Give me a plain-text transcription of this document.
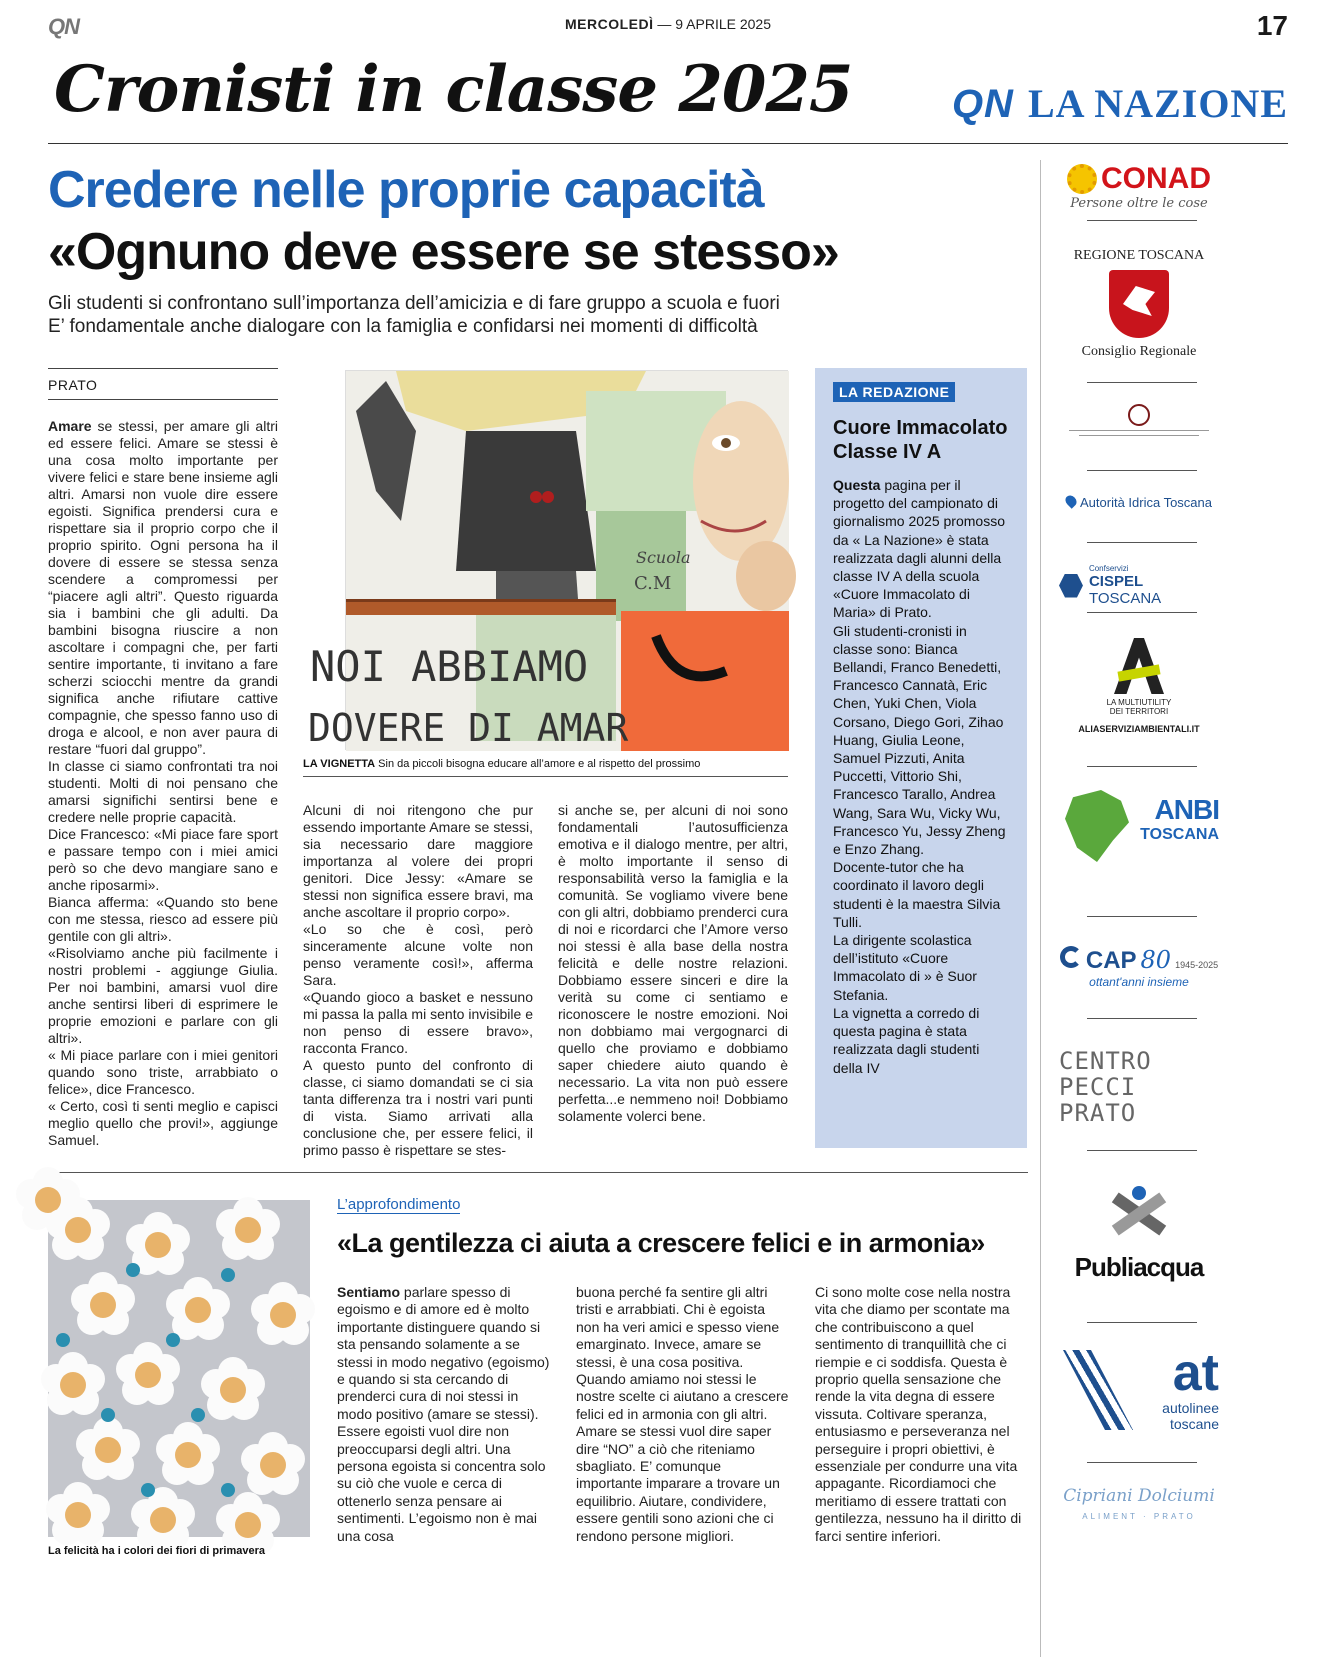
QN	MERCOLEDÌ — 9 APRILE 2025	17
Cronisti in classe 2025 QN LA NAZIONE
Credere nelle proprie capacità
«Ognuno deve essere se stesso»
Gli studenti si confrontano sull’importanza dell’amicizia e di fare gruppo a scuola e fuori
E’ fondamentale anche dialogare con la famiglia e confidarsi nei momenti di difficoltà
PRATO

Amare se stessi, per amare gli altri ed essere felici. Amare se stessi è una cosa molto importante per vivere felici e stare bene insieme agli altri. Amarsi non vuole dire essere egoisti. Significa prendersi cura e rispettare sia il proprio corpo che il proprio spirito. Ogni persona ha il dovere di essere se stessa senza scendere a compromessi per “piacere agli altri”. Questo riguarda sia i bambini che gli adulti. Da bambini bisogna riuscire a non ascoltare i compagni che, per farti sentire importante, ti invitano a fare scherzi sciocchi mentre da grandi significa anche rifiutare cattive compagnie, che spesso fanno uso di droga e alcool, e non aver paura di restare “fuori dal gruppo”.

In classe ci siamo confrontati tra noi studenti. Molti di noi pensano che amarsi significhi sentirsi bene e credere nelle proprie capacità.

Dice Francesco: «Mi piace fare sport e passare tempo con i miei amici però so che devo mangiare sano e anche riposarmi».

Bianca afferma: «Quando sto bene con me stessa, riesco ad essere più gentile con gli altri».

«Risolviamo anche più facilmente i nostri problemi - aggiunge Giulia. Per noi bambini, amarsi vuol dire anche sentirsi liberi di esprimere le proprie emozioni e parlare con gli altri».

« Mi piace parlare con i miei genitori quando sono triste, arrabbiato o felice», dice Francesco.

« Certo, così ti senti meglio e capisci meglio quello che provi!», aggiunge Samuel.

NOI ABBIAMO
DOVERE DI AMAR
Scuola
C.M
LA VIGNETTA Sin da piccoli bisogna educare all’amore e al rispetto del prossimo

Alcuni di noi ritengono che pur essendo importante Amare se stessi, sia necessario dare maggiore importanza al volere dei propri genitori. Dice Jessy: «Amare se stessi non significa essere bravi, ma anche ascoltare il proprio corpo».

«Lo so che è così, però sinceramente alcune volte non penso veramente così!», afferma Sara.

«Quando gioco a basket e nessuno mi passa la palla mi sento invisibile e non penso di essere bravo», racconta Franco.

A questo punto del confronto di classe, ci siamo domandati se ci sia tanta differenza tra i nostri vari punti di vista. Siamo arrivati alla conclusione che, per essere felici, il primo passo è rispettare se stes-

si anche se, per alcuni di noi sono fondamentali l’autosufficienza emotiva e il dialogo mentre, per altri, è molto importante il senso di responsabilità verso la famiglia e la comunità. Se vogliamo vivere bene con gli altri, dobbiamo prenderci cura di noi e ricordarci che l’Amore verso noi stessi è alla base della nostra felicità e delle nostre relazioni. Dobbiamo essere sinceri e dire la verità su come ci sentiamo e riconoscere le nostre emozioni. Noi non dobbiamo mai vergognarci di quello che proviamo e dobbiamo saper chiedere aiuto quando è necessario. La vita non può essere perfetta...e nemmeno noi! Dobbiamo solamente volerci bene.

LA REDAZIONE
Cuore Immacolato
Classe IV A

Questa pagina per il progetto del campionato di giornalismo 2025 promosso da « La Nazione» è stata realizzata dagli alunni della classe IV A della scuola «Cuore Immacolato di Maria» di Prato.

Gli studenti-cronisti in classe sono: Bianca Bellandi, Franco Benedetti, Francesco Cannatà, Eric Chen, Yuki Chen, Viola Corsano, Diego Gori, Zihao Huang, Giulia Leone, Samuel Pizzuti, Anita Puccetti, Vittorio Shi, Francesco Tarallo, Andrea Wang, Sara Wu, Vicky Wu, Francesco Yu, Jessy Zheng e Enzo Zhang.

Docente-tutor che ha coordinato il lavoro degli studenti è la maestra Silvia Tulli.

La dirigente scolastica dell’istituto «Cuore Immacolato di » è Suor Stefania.

La vignetta a corredo di questa pagina è stata realizzata dagli studenti della IV

CONAD
Persone oltre le cose
REGIONE TOSCANA
Consiglio Regionale
Autorità Idrica Toscana
Confservizi
CISPEL TOSCANA
LA MULTIUTILITY
DEI TERRITORI
ALIASERVIZIAMBIENTALI.IT
ANBI
TOSCANA
CAP 80 1945-2025
ottant'anni insieme
CENTRO
PECCI
PRATO
Publiacqua
at
autolinee
toscane
Cipriani Dolciumi
ALIMENT · PRATO
La felicità ha i colori dei fiori di primavera
L’approfondimento
«La gentilezza ci aiuta a crescere felici e in armonia»
Sentiamo parlare spesso di egoismo e di amore ed è molto importante distinguere quando si sta pensando solamente a se stessi in modo negativo (egoismo) e quando si sta cercando di prenderci cura di noi stessi in modo positivo (amare se stessi). Essere egoisti vuol dire non preoccuparsi degli altri. Una persona egoista si concentra solo su ciò che vuole e cerca di ottenerlo senza pensare ai sentimenti. L’egoismo non è mai una cosa
buona perché fa sentire gli altri tristi e arrabbiati. Chi è egoista non ha veri amici e spesso viene emarginato. Invece, amare se stessi, è una cosa positiva. Quando amiamo noi stessi le nostre scelte ci aiutano a crescere felici ed in armonia con gli altri. Amare se stessi vuol dire saper dire “NO” a ciò che riteniamo sbagliato. E’ comunque importante imparare a trovare un equilibrio. Aiutare, condividere, essere gentili sono azioni che ci rendono persone migliori.
Ci sono molte cose nella nostra vita che diamo per scontate ma che contribuiscono a quel sentimento di tranquillità che ci riempie e ci soddisfa. Questa è proprio quella sensazione che rende la vita degna di essere vissuta. Coltivare speranza, entusiasmo e perseveranza nel perseguire i propri obiettivi, è essenziale per condurre una vita appagante. Ricordiamoci che meritiamo di essere trattati con gentilezza, nessuno ha il diritto di farci sentire inferiori.
